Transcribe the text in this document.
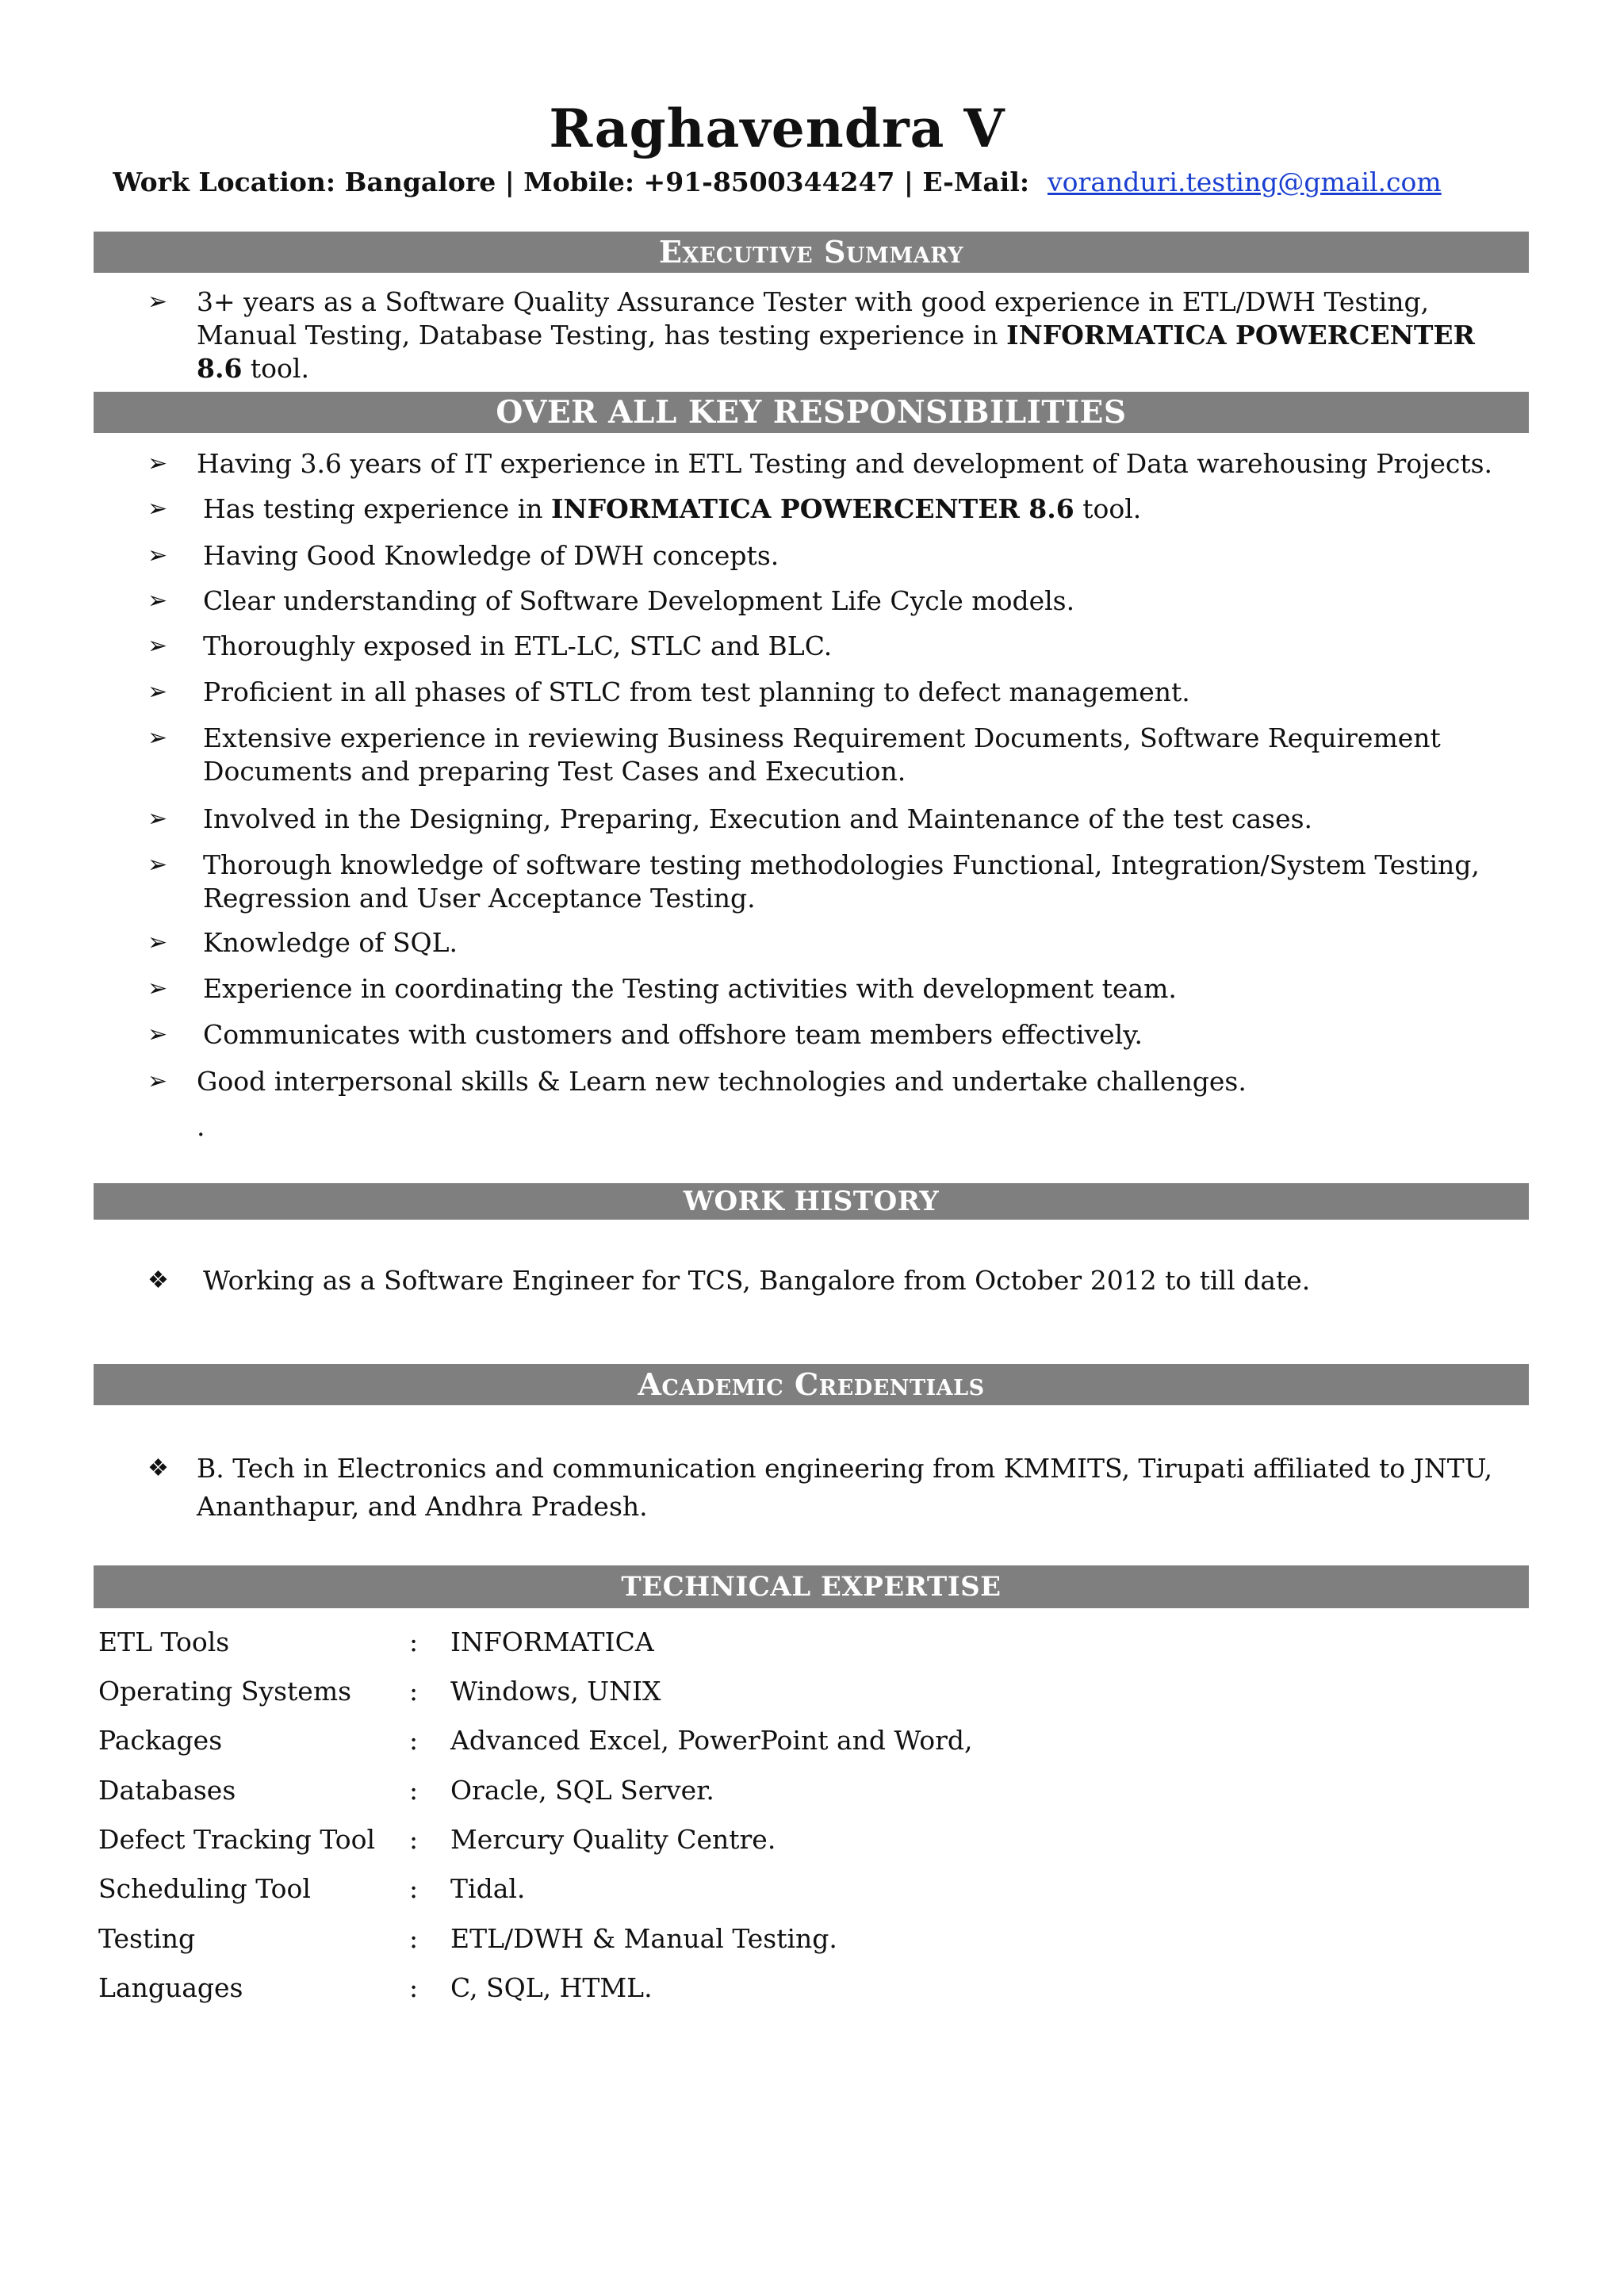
Raghavendra V
Work Location: Bangalore | Mobile: +91-8500344247 | E-Mail: voranduri.testing@gmail.com
Executive Summary
➢ 3+ years as a Software Quality Assurance Tester with good experience in ETL/DWH Testing, Manual Testing, Database Testing, has testing experience in INFORMATICA POWERCENTER 8.6 tool.
OVER ALL KEY RESPONSIBILITIES
➢ Having 3.6 years of IT experience in ETL Testing and development of Data warehousing Projects.
➢ Has testing experience in INFORMATICA POWERCENTER 8.6 tool.
➢ Having Good Knowledge of DWH concepts.
➢ Clear understanding of Software Development Life Cycle models.
➢ Thoroughly exposed in ETL-LC, STLC and BLC.
➢ Proficient in all phases of STLC from test planning to defect management.
➢ Extensive experience in reviewing Business Requirement Documents, Software Requirement Documents and preparing Test Cases and Execution.
➢ Involved in the Designing, Preparing, Execution and Maintenance of the test cases.
➢ Thorough knowledge of software testing methodologies Functional, Integration/System Testing, Regression and User Acceptance Testing.
➢ Knowledge of SQL.
➢ Experience in coordinating the Testing activities with development team.
➢ Communicates with customers and offshore team members effectively.
➢ Good interpersonal skills & Learn new technologies and undertake challenges.
.
WORK HISTORY
❖ Working as a Software Engineer for TCS, Bangalore from October 2012 to till date.
Academic Credentials
❖ B. Tech in Electronics and communication engineering from KMMITS, Tirupati affiliated to JNTU, Ananthapur, and Andhra Pradesh.
TECHNICAL EXPERTISE
ETL Tools	: INFORMATICA
Operating Systems : Windows, UNIX
Packages	: Advanced Excel, PowerPoint and Word,
Databases	: Oracle, SQL Server.
Defect Tracking Tool : Mercury Quality Centre.
Scheduling Tool	: Tidal.
Testing	: ETL/DWH & Manual Testing.
Languages	: C, SQL, HTML.
